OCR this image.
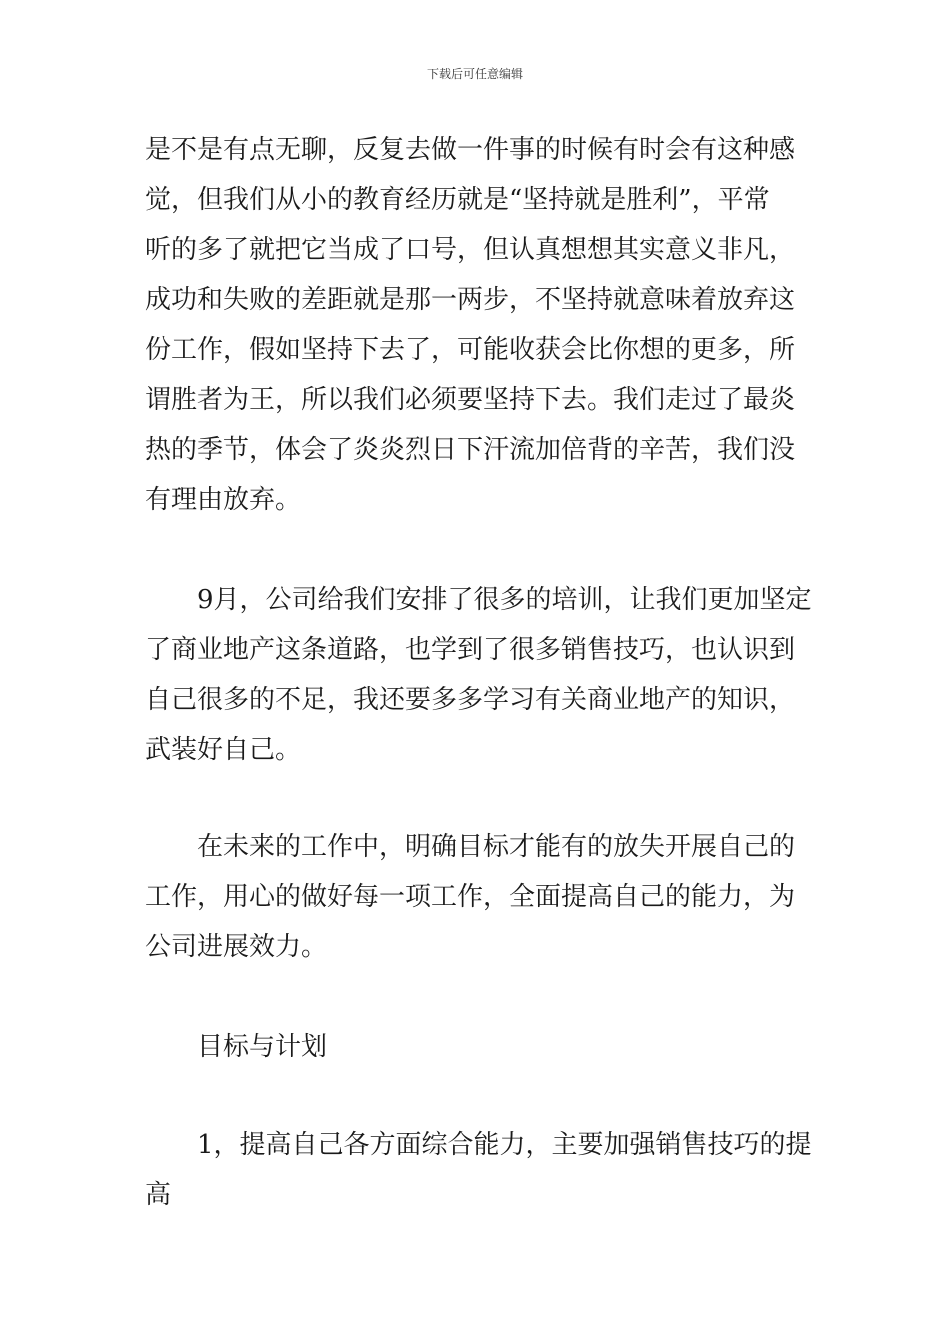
下载后可任意编辑
是不是有点无聊，反复去做一件事的时候有时会有这种感
觉，但我们从小的教育经历就是“坚持就是胜利”，平常
听的多了就把它当成了口号，但认真想想其实意义非凡，
成功和失败的差距就是那一两步，不坚持就意味着放弃这
份工作，假如坚持下去了，可能收获会比你想的更多，所
谓胜者为王，所以我们必须要坚持下去。我们走过了最炎
热的季节，体会了炎炎烈日下汗流加倍背的辛苦，我们没
有理由放弃。
9月，公司给我们安排了很多的培训，让我们更加坚定
了商业地产这条道路，也学到了很多销售技巧，也认识到
自己很多的不足，我还要多多学习有关商业地产的知识，
武装好自己。
在未来的工作中，明确目标才能有的放失开展自己的
工作，用心的做好每一项工作，全面提高自己的能力，为
公司进展效力。
目标与计划
1，提高自己各方面综合能力，主要加强销售技巧的提
高
